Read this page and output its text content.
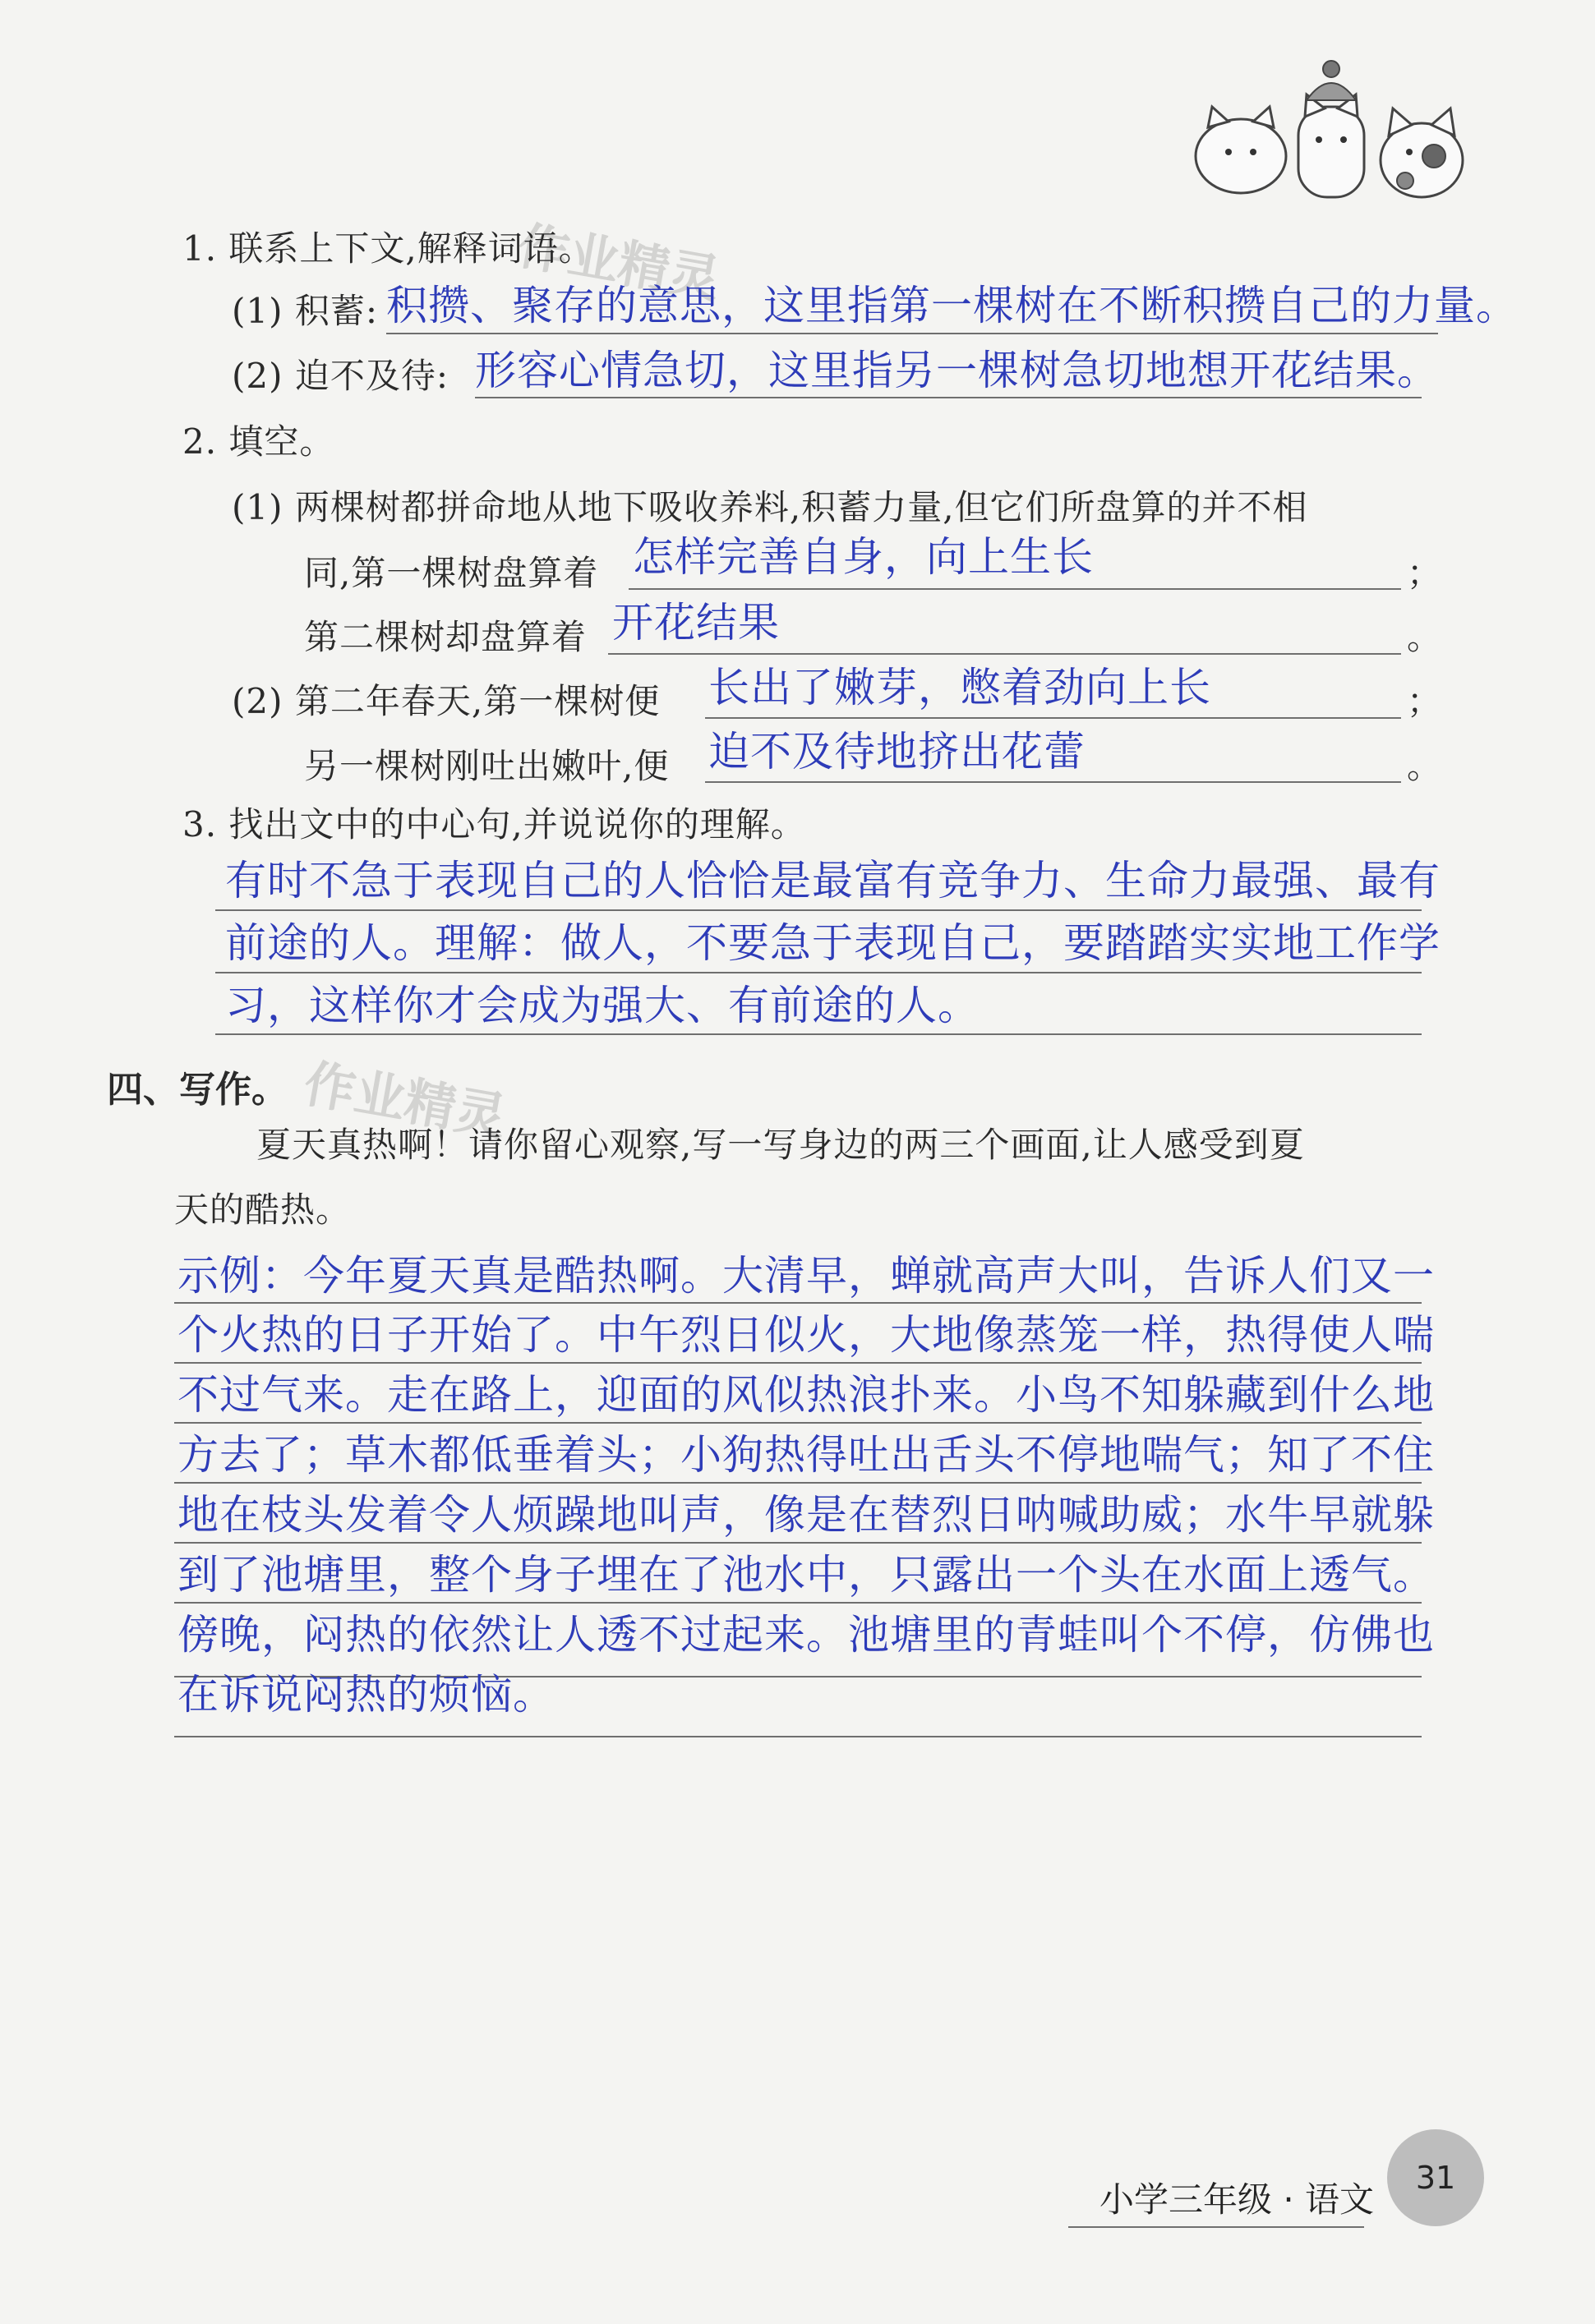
作业精灵
作业精灵
1. 联系上下文,解释词语。
(1) 积蓄: 积攒、聚存的意思，这里指第一棵树在不断积攒自己的力量。
(2) 迫不及待: 形容心情急切，这里指另一棵树急切地想开花结果。
2. 填空。
(1) 两棵树都拼命地从地下吸收养料,积蓄力量,但它们所盘算的并不相
同,第一棵树盘算着 怎样完善自身，向上生长	；
第二棵树却盘算着 开花结果	。
(2) 第二年春天,第一棵树便 长出了嫩芽，憋着劲向上长	；
另一棵树刚吐出嫩叶,便 迫不及待地挤出花蕾	。
3. 找出文中的中心句,并说说你的理解。
有时不急于表现自己的人恰恰是最富有竞争力、生命力最强、最有
前途的人。理解：做人，不要急于表现自己，要踏踏实实地工作学
习，这样你才会成为强大、有前途的人。
四、写作。
夏天真热啊！请你留心观察,写一写身边的两三个画面,让人感受到夏
天的酷热。
示例：今年夏天真是酷热啊。大清早，蝉就高声大叫，告诉人们又一
个火热的日子开始了。中午烈日似火，大地像蒸笼一样，热得使人喘
不过气来。走在路上，迎面的风似热浪扑来。小鸟不知躲藏到什么地
方去了；草木都低垂着头；小狗热得吐出舌头不停地喘气；知了不住
地在枝头发着令人烦躁地叫声，像是在替烈日呐喊助威；水牛早就躲
到了池塘里，整个身子埋在了池水中，只露出一个头在水面上透气。
傍晚，闷热的依然让人透不过起来。池塘里的青蛙叫个不停，仿佛也
在诉说闷热的烦恼。
小学三年级 · 语文
31
